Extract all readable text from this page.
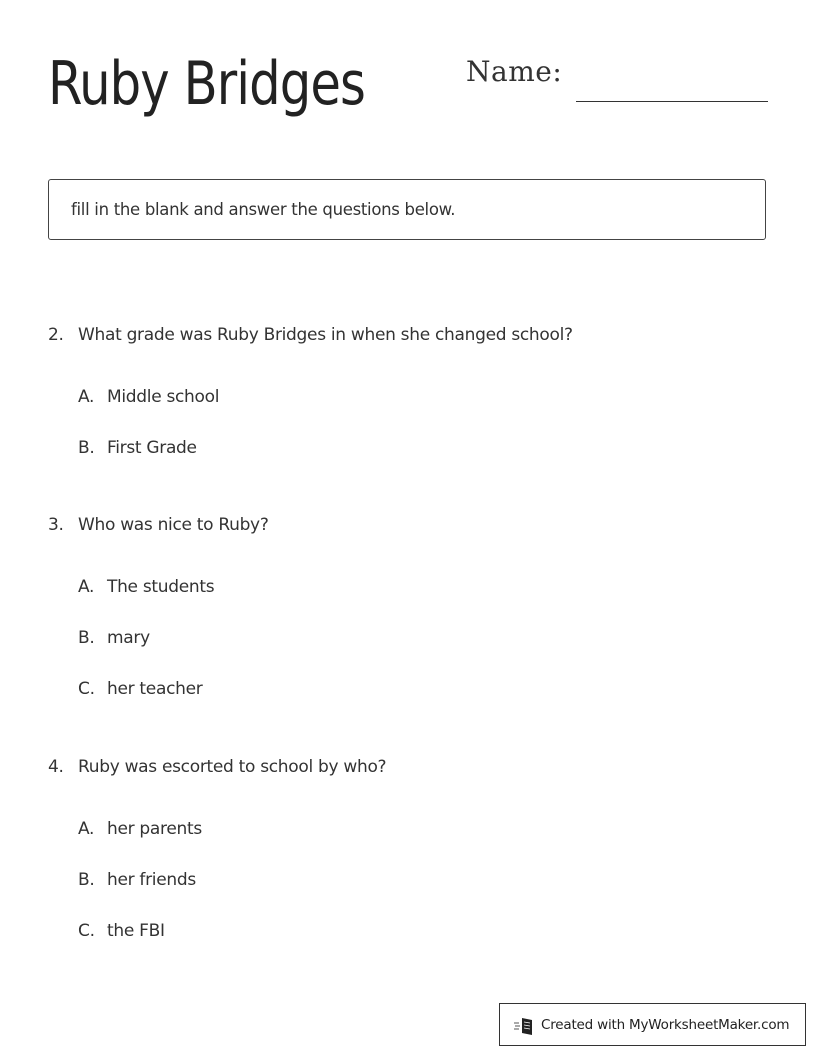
Ruby Bridges	Name:
fill in the blank and answer the questions below.
2. What grade was Ruby Bridges in when she changed school?
A. Middle school
B. First Grade
3. Who was nice to Ruby?
A. The students
B. mary
C. her teacher
4. Ruby was escorted to school by who?
A. her parents
B. her friends
C. the FBI
Created with MyWorksheetMaker.com
